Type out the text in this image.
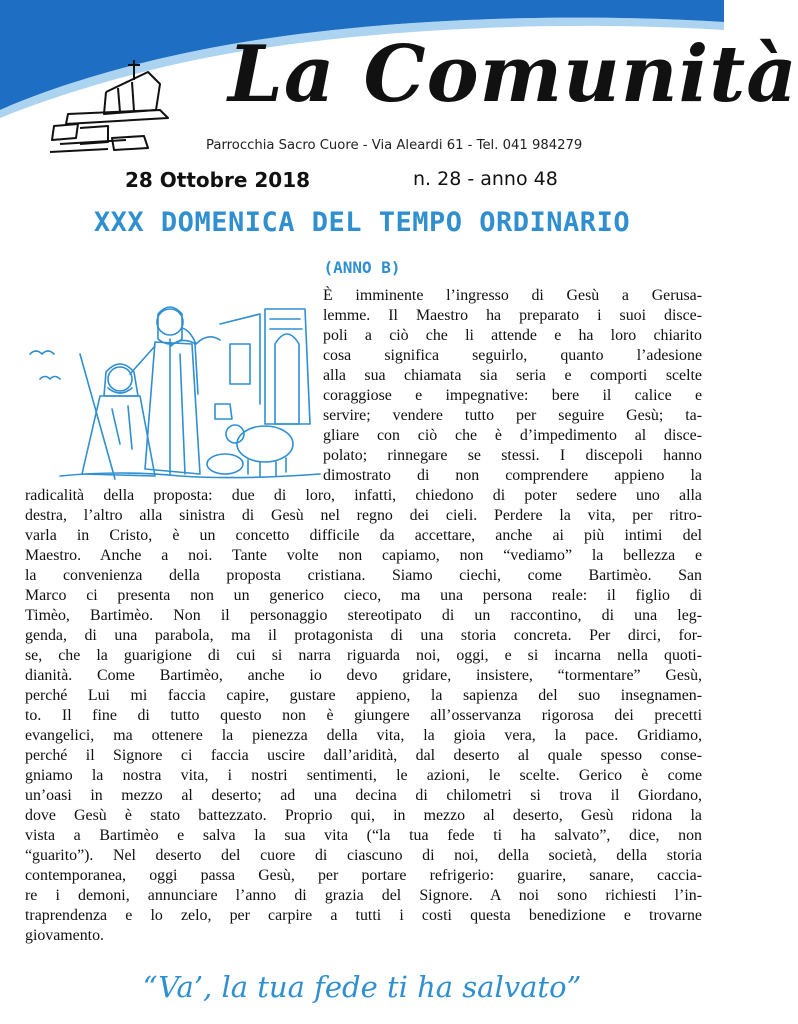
La Comunità
Parrocchia Sacro Cuore - Via Aleardi 61 - Tel. 041 984279
28 Ottobre 2018	n. 28 - anno 48
XXX DOMENICA DEL TEMPO ORDINARIO
(ANNO B)
È imminente l’ingresso di Gesù a Gerusa-
lemme. Il Maestro ha preparato i suoi disce-
poli a ciò che li attende e ha loro chiarito
cosa significa seguirlo, quanto l’adesione
alla sua chiamata sia seria e comporti scelte
coraggiose e impegnative: bere il calice e
servire; vendere tutto per seguire Gesù; ta-
gliare con ciò che è d’impedimento al disce-
polato; rinnegare se stessi. I discepoli hanno
dimostrato di non comprendere appieno la
radicalità della proposta: due di loro, infatti, chiedono di poter sedere uno alla
destra, l’altro alla sinistra di Gesù nel regno dei cieli. Perdere la vita, per ritro-
varla in Cristo, è un concetto difficile da accettare, anche ai più intimi del
Maestro. Anche a noi. Tante volte non capiamo, non “vediamo” la bellezza e
la convenienza della proposta cristiana. Siamo ciechi, come Bartimèo. San
Marco ci presenta non un generico cieco, ma una persona reale: il figlio di
Timèo, Bartimèo. Non il personaggio stereotipato di un raccontino, di una leg-
genda, di una parabola, ma il protagonista di una storia concreta. Per dirci, for-
se, che la guarigione di cui si narra riguarda noi, oggi, e si incarna nella quoti-
dianità. Come Bartimèo, anche io devo gridare, insistere, “tormentare” Gesù,
perché Lui mi faccia capire, gustare appieno, la sapienza del suo insegnamen-
to. Il fine di tutto questo non è giungere all’osservanza rigorosa dei precetti
evangelici, ma ottenere la pienezza della vita, la gioia vera, la pace. Gridiamo,
perché il Signore ci faccia uscire dall’aridità, dal deserto al quale spesso conse-
gniamo la nostra vita, i nostri sentimenti, le azioni, le scelte. Gerico è come
un’oasi in mezzo al deserto; ad una decina di chilometri si trova il Giordano,
dove Gesù è stato battezzato. Proprio qui, in mezzo al deserto, Gesù ridona la
vista a Bartimèo e salva la sua vita (“la tua fede ti ha salvato”, dice, non
“guarito”). Nel deserto del cuore di ciascuno di noi, della società, della storia
contemporanea, oggi passa Gesù, per portare refrigerio: guarire, sanare, caccia-
re i demoni, annunciare l’anno di grazia del Signore. A noi sono richiesti l’in-
traprendenza e lo zelo, per carpire a tutti i costi questa benedizione e trovarne
giovamento.
“Va’, la tua fede ti ha salvato”
